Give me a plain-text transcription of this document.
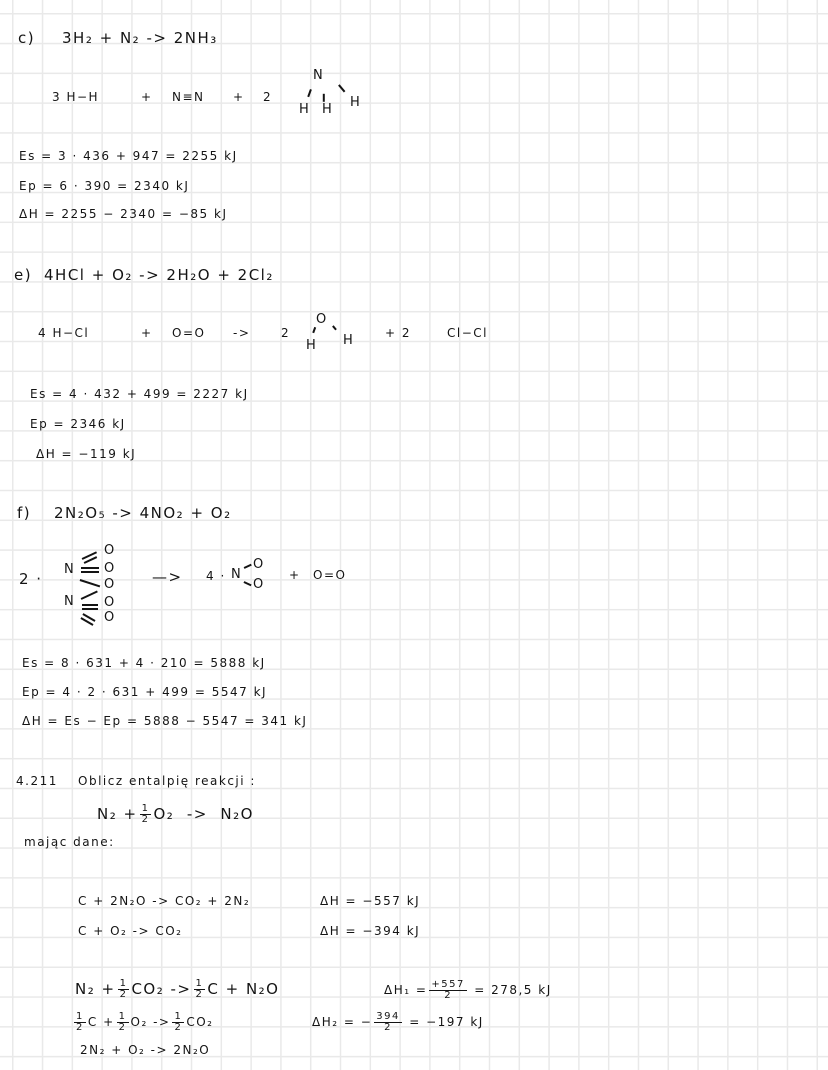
c) 3H₂ + N₂ -> 2NH₃
3 H−H	+ N≡N + 2
N
H H H
Es = 3 · 436 + 947 = 2255 kJ
Ep = 6 · 390 = 2340 kJ
ΔH = 2255 − 2340 = −85 kJ
e) 4HCl + O₂ -> 2H₂O + 2Cl₂
4 H−Cl	+ O=O ->	2
O
H H	+ 2	Cl−Cl
Es = 4 · 432 + 499 = 2227 kJ
Ep = 2346 kJ
ΔH = −119 kJ
f) 2N₂O₅ -> 4NO₂ + O₂
2 ·
N
N
O
O
O
O
O
—> 4 · N
O
O
+ O=O
Es = 8 · 631 + 4 · 210 = 5888 kJ
Ep = 4 · 2 · 631 + 499 = 5547 kJ
ΔH = Es − Ep = 5888 − 5547 = 341 kJ
4.211 Oblicz entalpię reakcji :
$N_2 + \frac{1}{2} O_2 -> N_2O$
mając dane:
C + 2N₂O -> CO₂ + 2N₂	ΔH = −557 kJ
C + O₂ -> CO₂	ΔH = −394 kJ
$N_2 + \frac{1}{2} CO_2 -> \frac{1}{2}$ C + N₂O	$\Delta H_1 = \frac{+557}{2} = 278,5$ kJ
$\frac{1}{2}$ $C + \frac{1}{2} O_2 -> \frac{1}{2} CO_2$	ΔH₂ = − $\frac{394}{2} = -197$ kJ
2N₂ + O₂ -> 2N₂O
